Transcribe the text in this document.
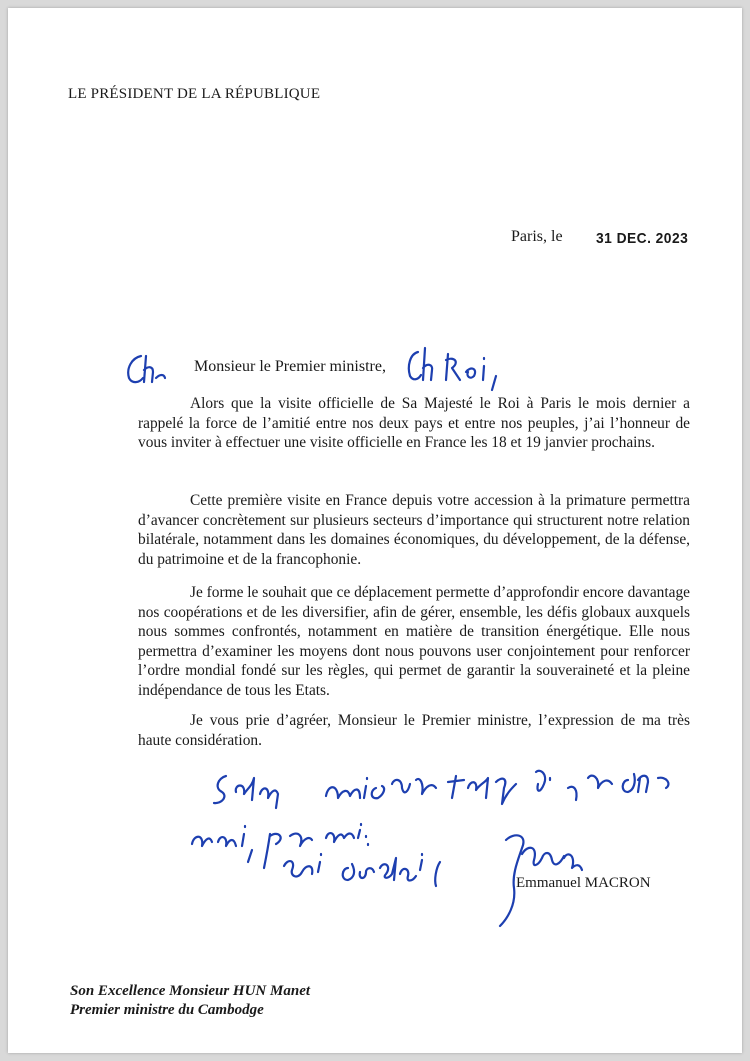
LE PRÉSIDENT DE LA RÉPUBLIQUE
Paris, le 31 DEC. 2023
Monsieur le Premier ministre,

Alors que la visite officielle de Sa Majesté le Roi à Paris le mois dernier a rappelé la force de l’amitié entre nos deux pays et entre nos peuples, j’ai l’honneur de vous inviter à effectuer une visite officielle en France les 18 et 19 janvier prochains.

Cette première visite en France depuis votre accession à la primature permettra d’avancer concrètement sur plusieurs secteurs d’importance qui structurent notre relation bilatérale, notamment dans les domaines économiques, du développement, de la défense, du patrimoine et de la francophonie.

Je forme le souhait que ce déplacement permette d’approfondir encore davantage nos coopérations et de les diversifier, afin de gérer, ensemble, les défis globaux auxquels nous sommes confrontés, notamment en matière de transition énergétique. Elle nous permettra d’examiner les moyens dont nous pouvons user conjointement pour renforcer l’ordre mondial fondé sur les règles, qui permet de garantir la souveraineté et la pleine indépendance de tous les Etats.

Je vous prie d’agréer, Monsieur le Premier ministre, l’expression de ma très haute considération.

Emmanuel MACRON
Son Excellence Monsieur HUN Manet
Premier ministre du Cambodge
